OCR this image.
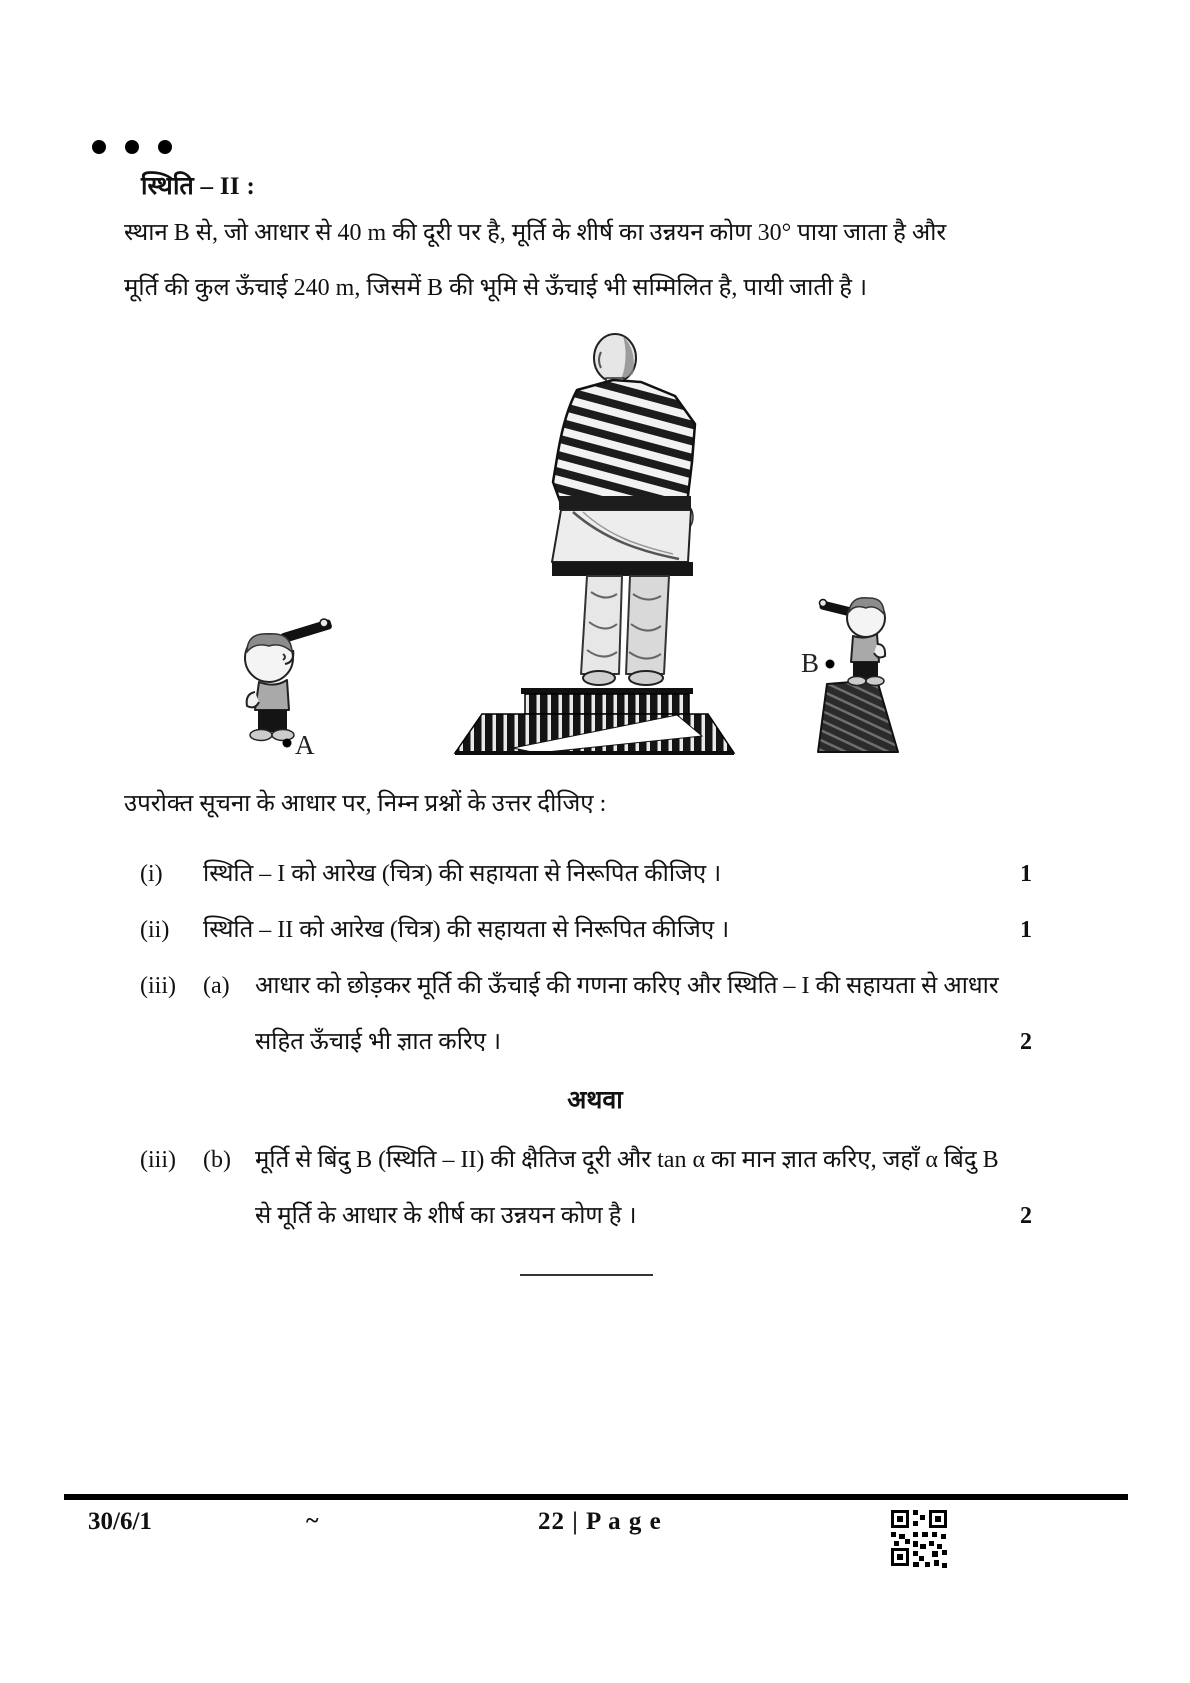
स्थिति – II :

स्थान B से, जो आधार से 40 m की दूरी पर है, मूर्ति के शीर्ष का उन्नयन कोण 30° पाया जाता है और

मूर्ति की कुल ऊँचाई 240 m, जिसमें B की भूमि से ऊँचाई भी सम्मिलित है, पायी जाती है ।

A
B
उपरोक्त सूचना के आधार पर, निम्न प्रश्नों के उत्तर दीजिए :
(i)	स्थिति – I को आरेख (चित्र) की सहायता से निरूपित कीजिए ।	1
(ii)	स्थिति – II को आरेख (चित्र) की सहायता से निरूपित कीजिए ।	1
(iii)	(a)	आधार को छोड़कर मूर्ति की ऊँचाई की गणना करिए और स्थिति – I की सहायता से आधार सहित ऊँचाई भी ज्ञात करिए ।	2
अथवा
(iii)	(b)	मूर्ति से बिंदु B (स्थिति – II) की क्षैतिज दूरी और tan α का मान ज्ञात करिए, जहाँ α बिंदु B से मूर्ति के आधार के शीर्ष का उन्नयन कोण है ।	2
30/6/1	~	22 | P a g e
